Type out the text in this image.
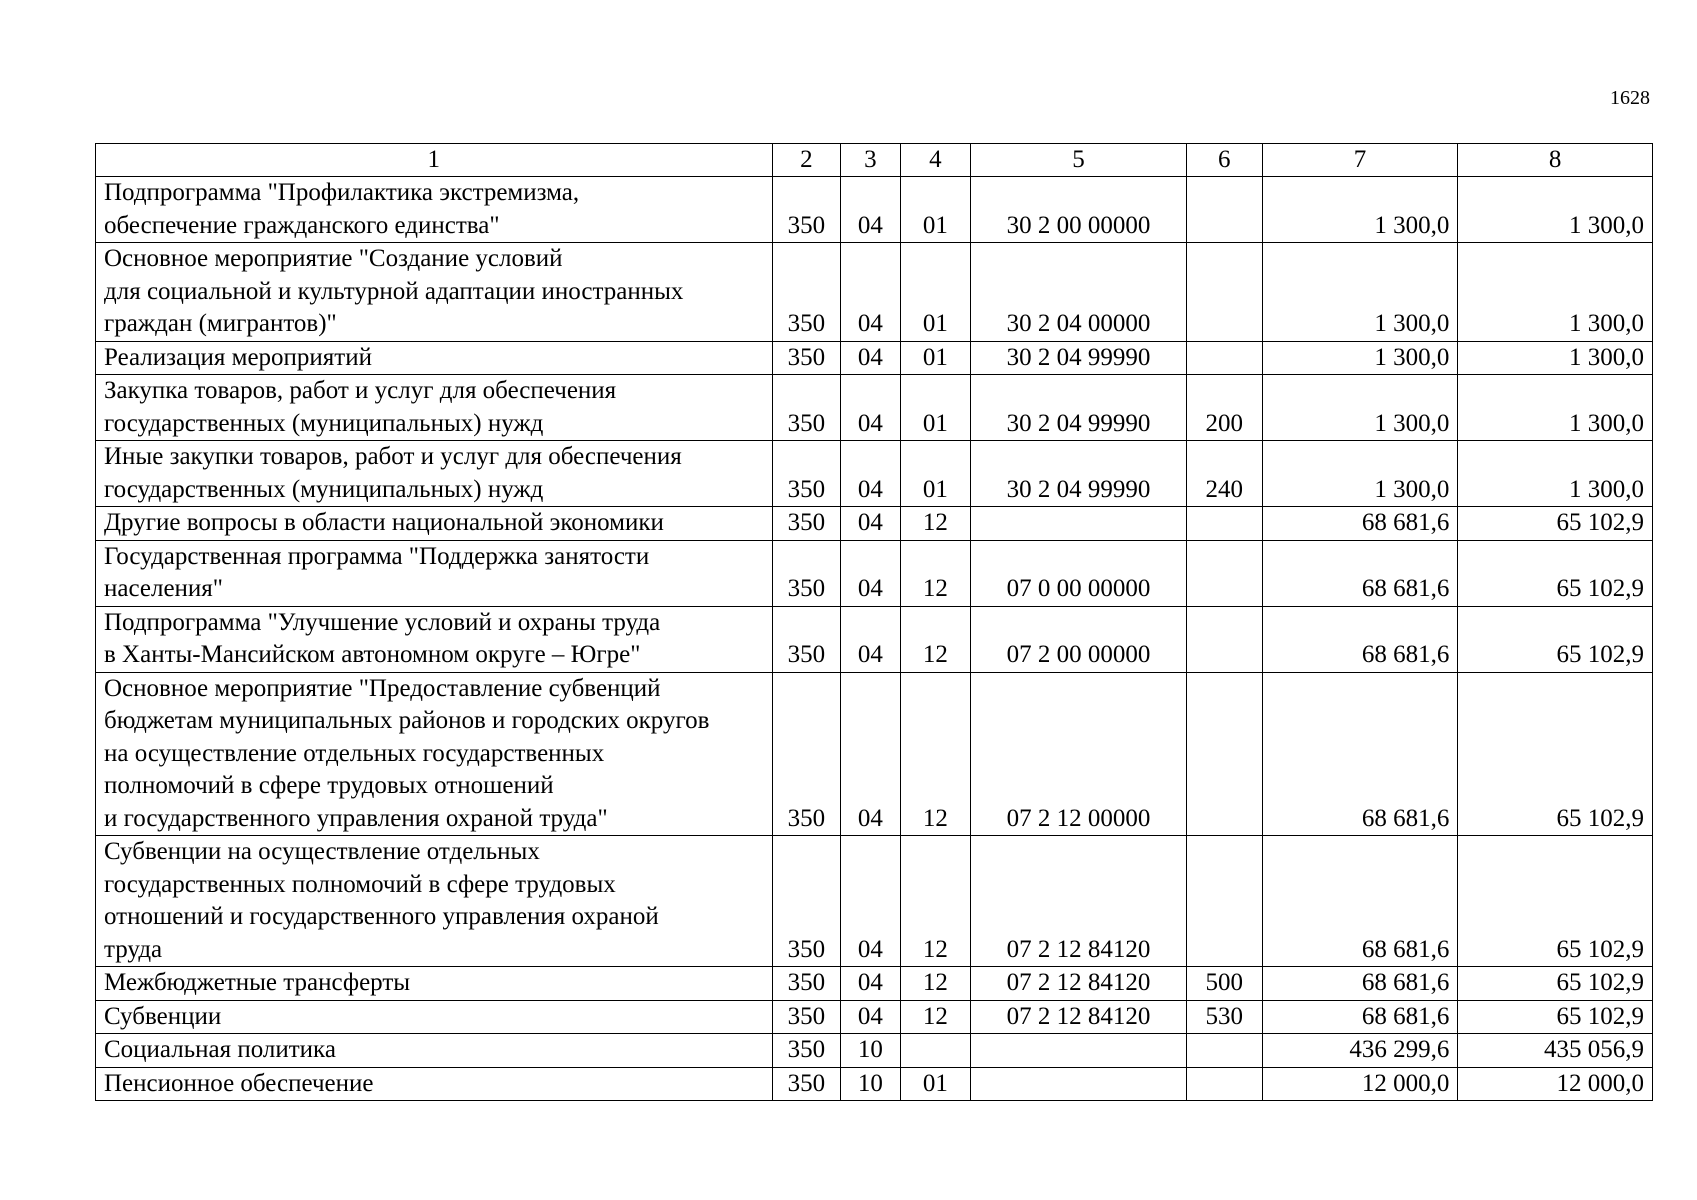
1628
1	2	3	4	5	6	7	8
Подпрограмма "Профилактика экстремизма,
обеспечение гражданского единства"	350	04	01	30 2 00 00000		1 300,0	1 300,0
Основное мероприятие "Создание условий
для социальной и культурной адаптации иностранных
граждан (мигрантов)"	350	04	01	30 2 04 00000		1 300,0	1 300,0
Реализация мероприятий	350	04	01	30 2 04 99990		1 300,0	1 300,0
Закупка товаров, работ и услуг для обеспечения
государственных (муниципальных) нужд	350	04	01	30 2 04 99990	200	1 300,0	1 300,0
Иные закупки товаров, работ и услуг для обеспечения
государственных (муниципальных) нужд	350	04	01	30 2 04 99990	240	1 300,0	1 300,0
Другие вопросы в области национальной экономики	350	04	12			68 681,6	65 102,9
Государственная программа "Поддержка занятости
населения"	350	04	12	07 0 00 00000		68 681,6	65 102,9
Подпрограмма "Улучшение условий и охраны труда
в Ханты-Мансийском автономном округе – Югре"	350	04	12	07 2 00 00000		68 681,6	65 102,9
Основное мероприятие "Предоставление субвенций
бюджетам муниципальных районов и городских округов
на осуществление отдельных государственных
полномочий в сфере трудовых отношений
и государственного управления охраной труда"	350	04	12	07 2 12 00000		68 681,6	65 102,9
Субвенции на осуществление отдельных
государственных полномочий в сфере трудовых
отношений и государственного управления охраной
труда	350	04	12	07 2 12 84120		68 681,6	65 102,9
Межбюджетные трансферты	350	04	12	07 2 12 84120	500	68 681,6	65 102,9
Субвенции	350	04	12	07 2 12 84120	530	68 681,6	65 102,9
Социальная политика	350	10				436 299,6	435 056,9
Пенсионное обеспечение	350	10	01			12 000,0	12 000,0
